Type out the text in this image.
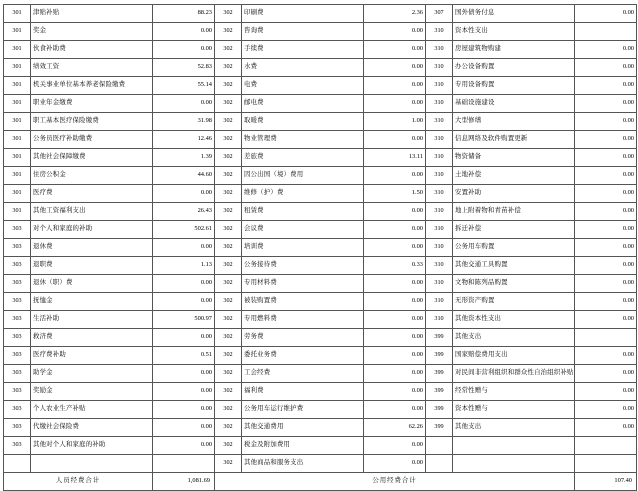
301	津贴补贴	88.23	302	印刷费	2.36	307	国外债务付息	0.00
301	奖金	0.00	302	咨询费	0.00	310	资本性支出	
301	伙食补助费	0.00	302	手续费	0.00	310	房屋建筑物购建	0.00
301	绩效工资	52.83	302	水费	0.00	310	办公设备购置	0.00
301	机关事业单位基本养老保险缴费	55.14	302	电费	0.00	310	专用设备购置	0.00
301	职业年金缴费	0.00	302	邮电费	0.00	310	基础设施建设	0.00
301	职工基本医疗保险缴费	31.98	302	取暖费	1.00	310	大型修缮	0.00
301	公务员医疗补助缴费	12.46	302	物业管理费	0.00	310	信息网络及软件购置更新	0.00
301	其他社会保障缴费	1.39	302	差旅费	13.11	310	物资储备	0.00
301	住房公积金	44.60	302	因公出国（境）费用	0.00	310	土地补偿	0.00
301	医疗费	0.00	302	维修（护）费	1.50	310	安置补助	0.00
301	其他工资福利支出	26.43	302	租赁费	0.00	310	地上附着物和青苗补偿	0.00
303	对个人和家庭的补助	502.61	302	会议费	0.00	310	拆迁补偿	0.00
303	退休费	0.00	302	培训费	0.00	310	公务用车购置	0.00
303	退职费	1.13	302	公务接待费	0.33	310	其他交通工具购置	0.00
303	退休（职）费	0.00	302	专用材料费	0.00	310	文物和陈列品购置	0.00
303	抚恤金	0.00	302	被装购置费	0.00	310	无形资产购置	0.00
303	生活补助	500.97	302	专用燃料费	0.00	310	其他资本性支出	0.00
303	救济费	0.00	302	劳务费	0.00	399	其他支出	
303	医疗费补助	0.51	302	委托业务费	0.00	399	国家赔偿费用支出	0.00
303	助学金	0.00	302	工会经费	0.00	399	对民间非营利组织和群众性自治组织补贴	0.00
303	奖励金	0.00	302	福利费	0.00	399	经常性赠与	0.00
303	个人农业生产补贴	0.00	302	公务用车运行维护费	0.00	399	资本性赠与	0.00
303	代缴社会保险费	0.00	302	其他交通费用	62.26	399	其他支出	0.00
303	其他对个人和家庭的补助	0.00	302	税金及附加费用	0.00			
			302	其他商品和服务支出	0.00			
人员经费合计		1,081.69	公用经费合计					107.40
